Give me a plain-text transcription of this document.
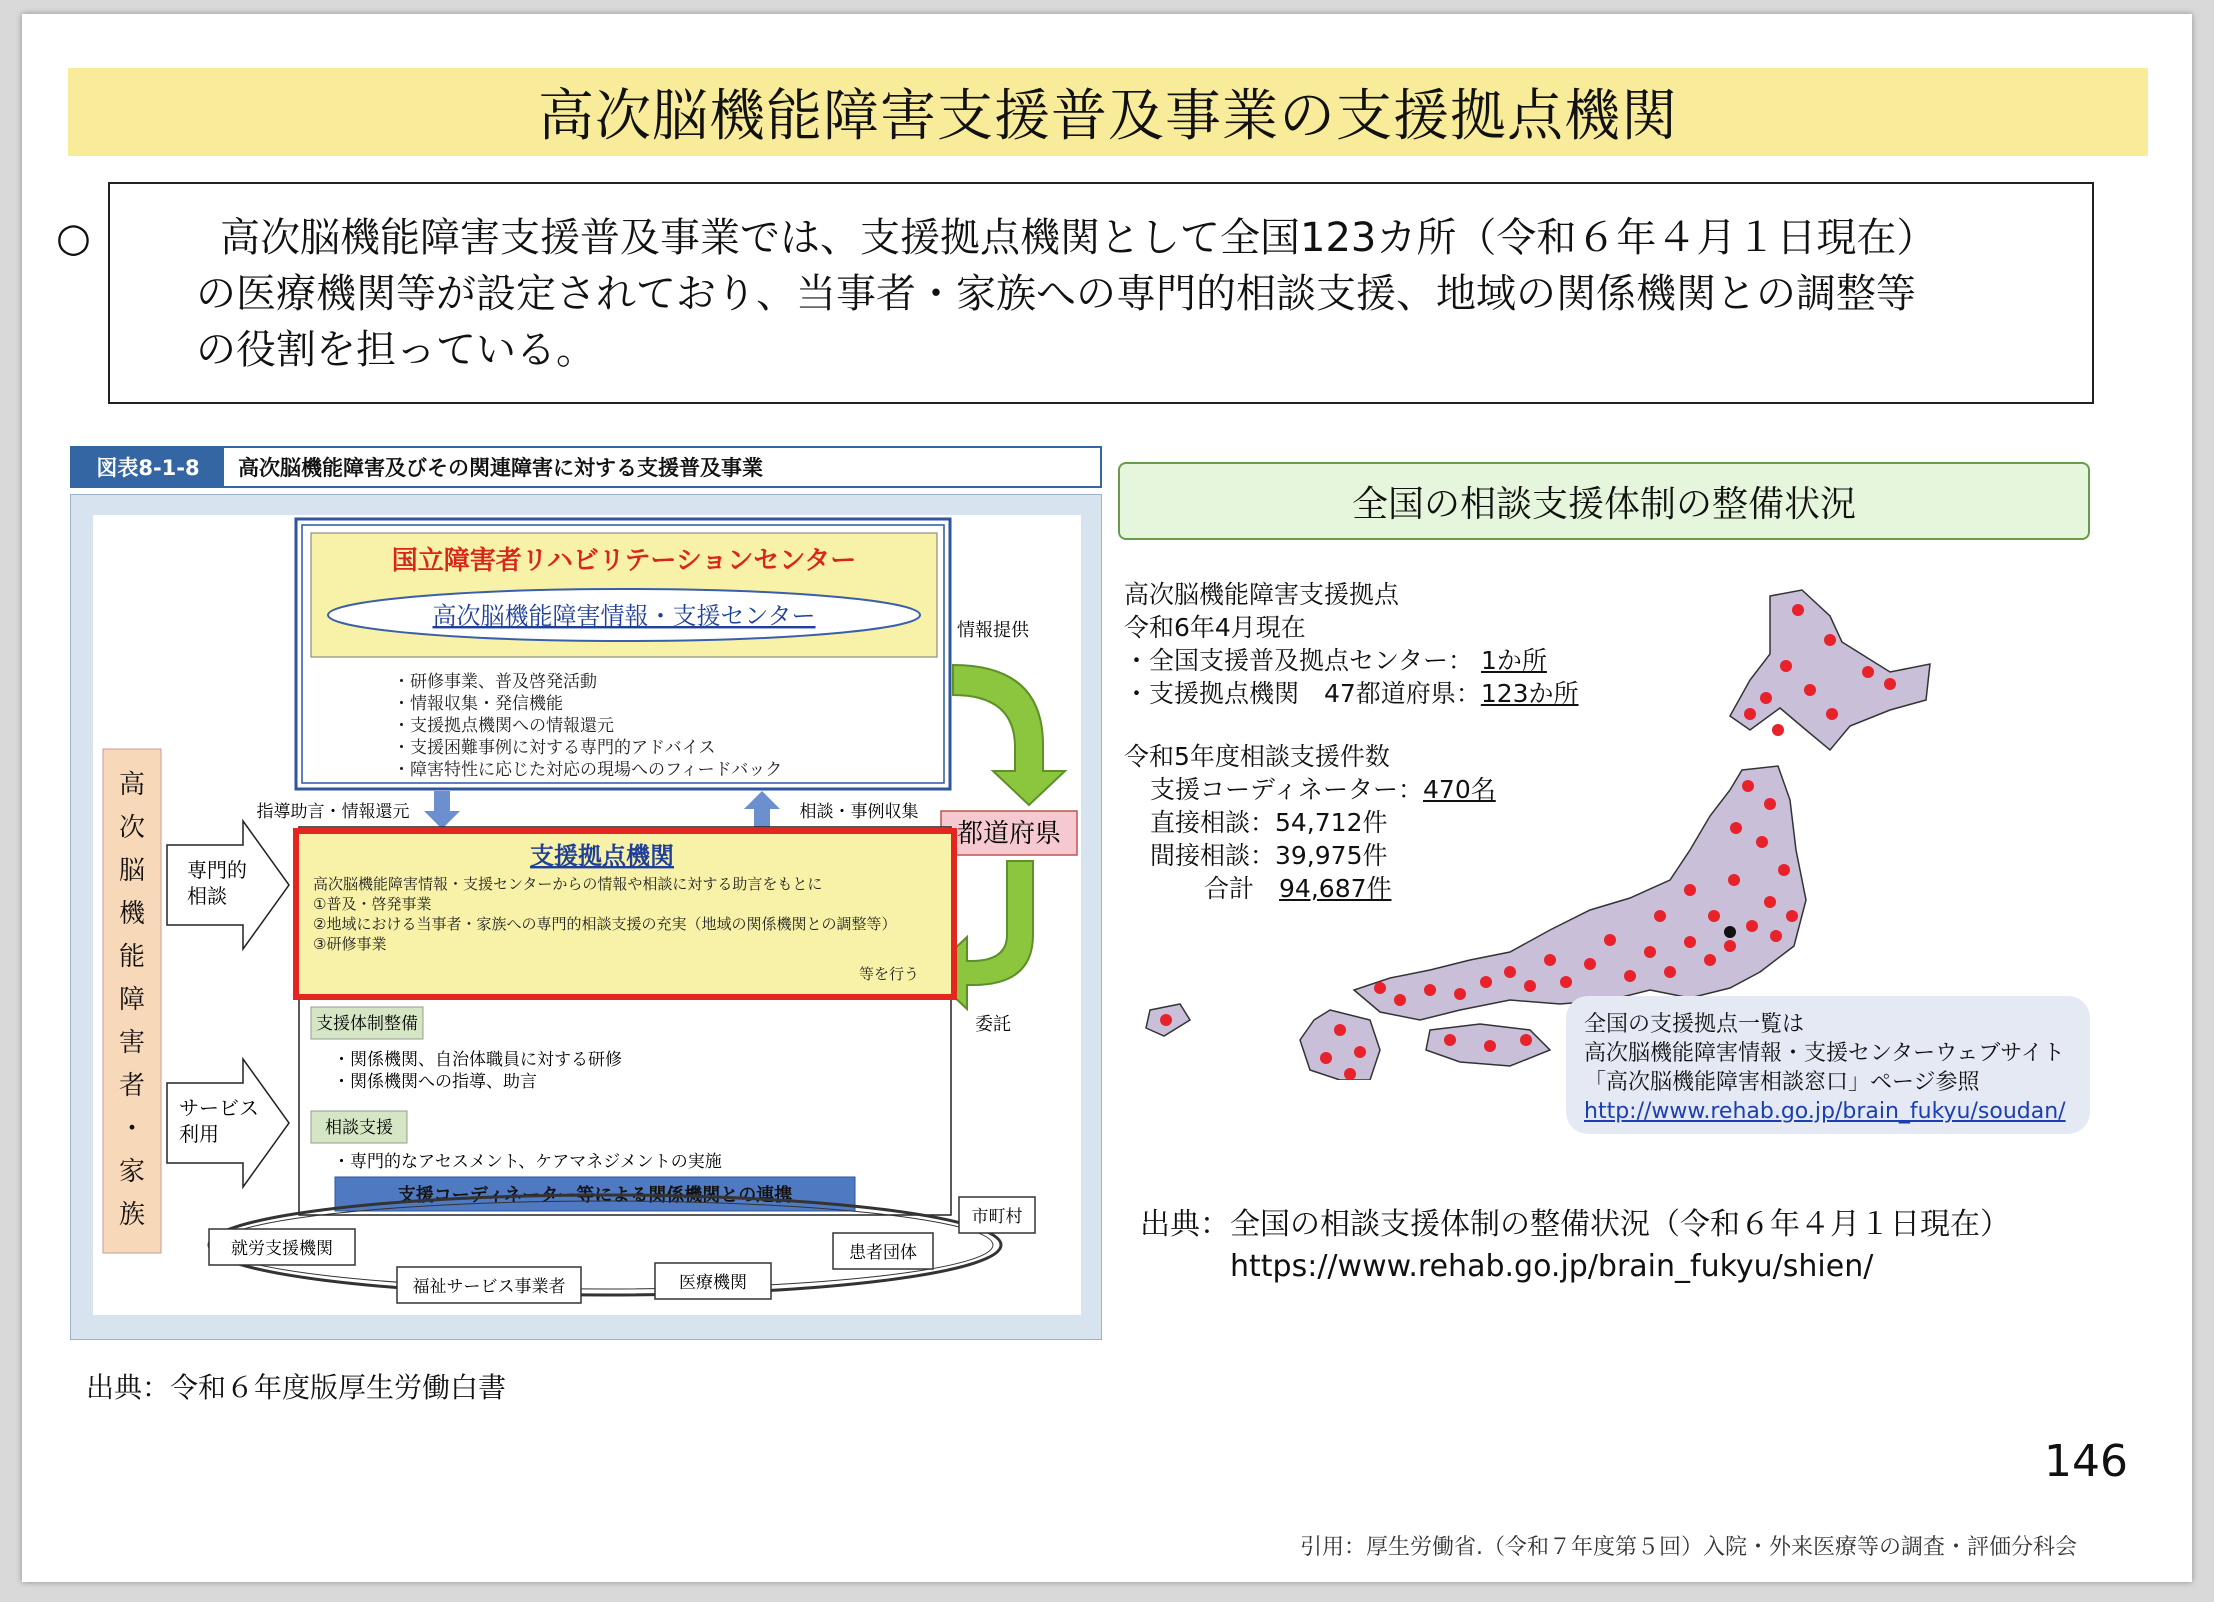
高次脳機能障害支援普及事業の支援拠点機関

○	高次脳機能障害支援普及事業では、支援拠点機関として全国123カ所（令和６年４月１日現在）

の医療機関等が設定されており、当事者・家族への専門的相談支援、地域の関係機関との調整等

の役割を担っている。

図表8-1-8	高次脳機能障害及びその関連障害に対する支援普及事業
国立障害者リハビリテーションセンター
高次脳機能障害情報・支援センター
・研修事業、普及啓発活動
・情報収集・発信機能
・支援拠点機関への情報還元
・支援困難事例に対する専門的アドバイス
・障害特性に応じた対応の現場へのフィードバック
情報提供
都道府県
委託
指導助言・情報還元	相談・事例収集
支援拠点機関
高次脳機能障害情報・支援センターからの情報や相談に対する助言をもとに
①普及・啓発事業
②地域における当事者・家族への専門的相談支援の充実（地域の関係機関との調整等）
③研修事業
等を行う
支援体制整備
・関係機関、自治体職員に対する研修
・関係機関への指導、助言
相談支援
・専門的なアセスメント、ケアマネジメントの実施
支援コーディネーター等による関係機関との連携
高
次
脳
機
能
障
害
者
・
家
族
専門的
相談
サービス
利用
就労支援機関
福祉サービス事業者	医療機関
患者団体
市町村
出典：令和６年度版厚生労働白書
全国の相談支援体制の整備状況
高次脳機能障害支援拠点
令和6年4月現在
・全国支援普及拠点センター： 1か所
・支援拠点機関　47都道府県：123か所
令和5年度相談支援件数
支援コーディネーター：470名
直接相談：54,712件
間接相談：39,975件
合計　 94,687件
全国の支援拠点一覧は
高次脳機能障害情報・支援センターウェブサイト
「高次脳機能障害相談窓口」ページ参照
http://www.rehab.go.jp/brain_fukyu/soudan/
出典：全国の相談支援体制の整備状況（令和６年４月１日現在）
https://www.rehab.go.jp/brain_fukyu/shien/
146
引用：厚生労働省.（令和７年度第５回）入院・外来医療等の調査・評価分科会
